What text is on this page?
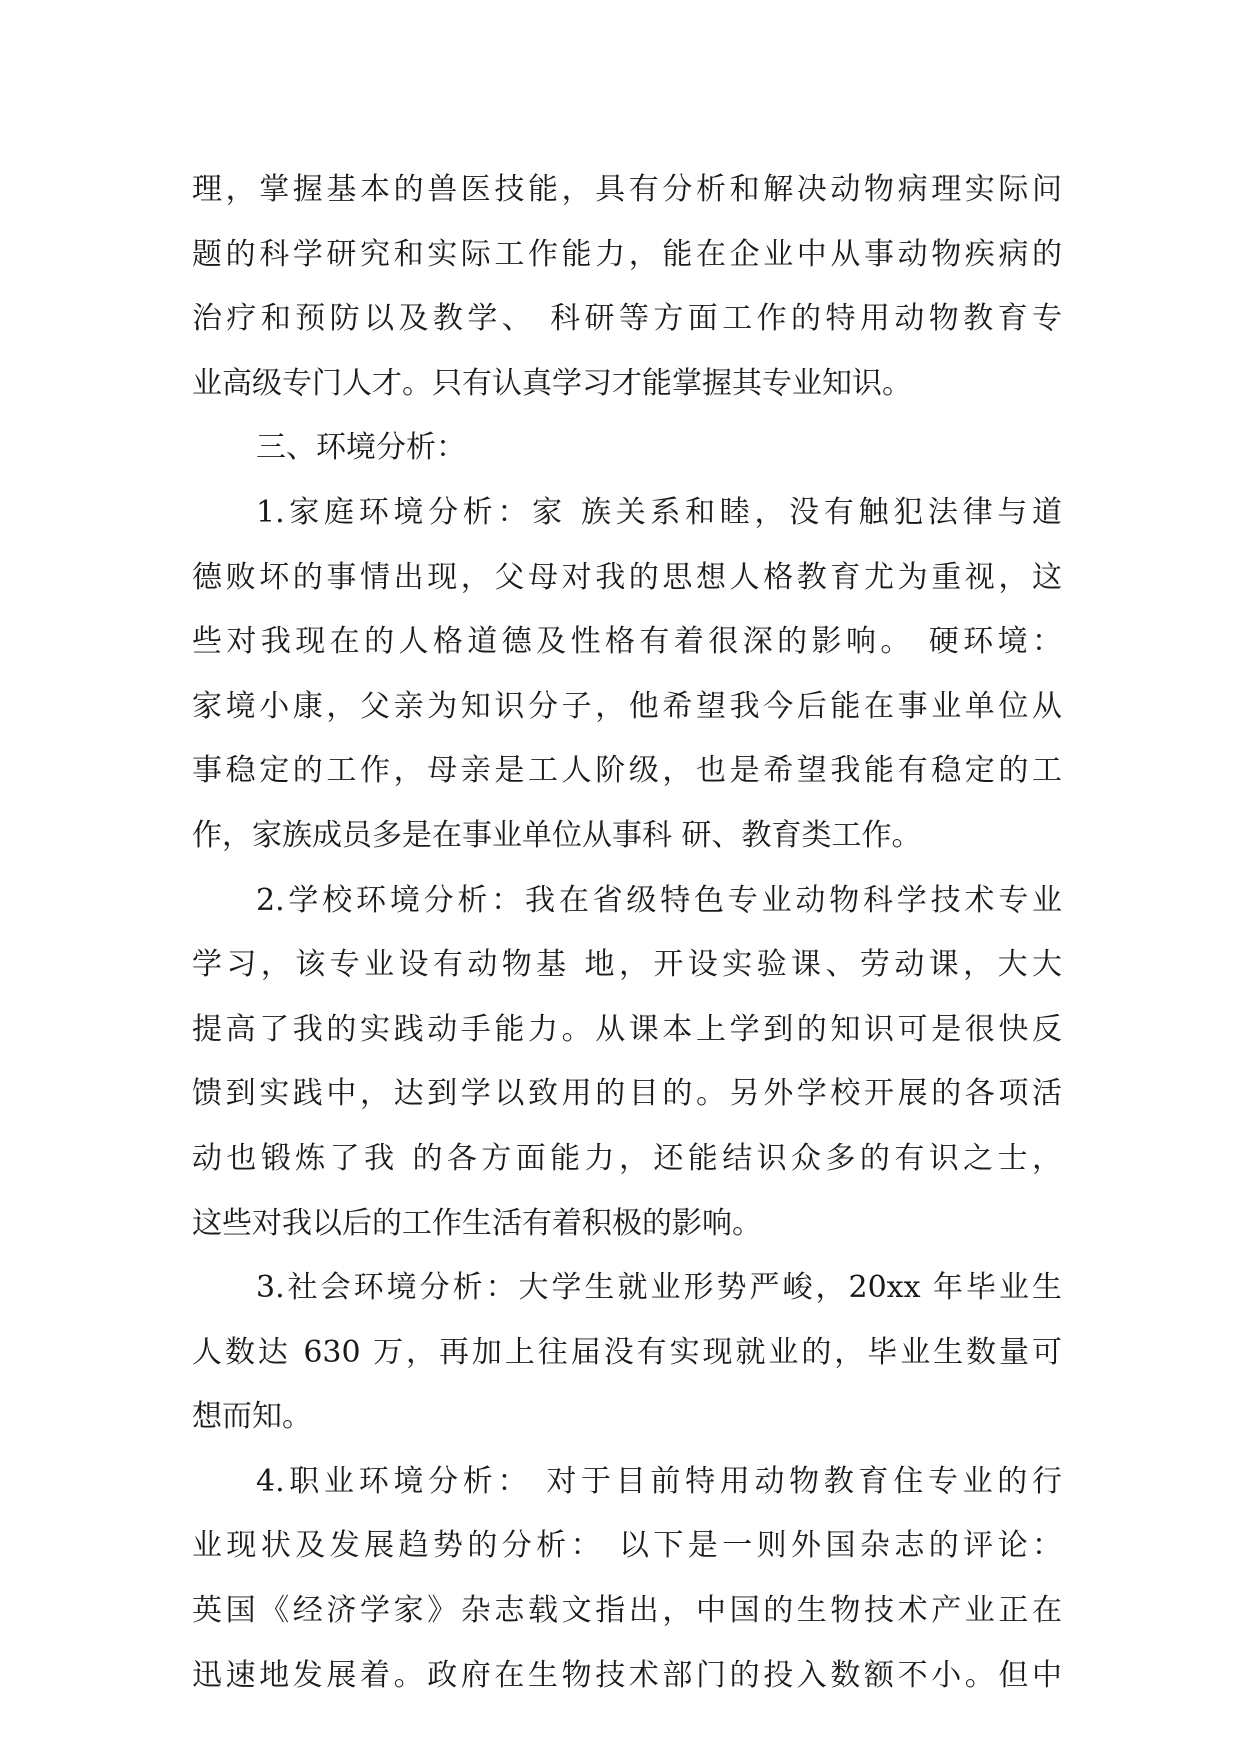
理，掌握基本的兽医技能，具有分析和解决动物病理实际问
题的科学研究和实际工作能力，能在企业中从事动物疾病的
治疗和预防以及教学、 科研等方面工作的特用动物教育专
业高级专门人才。只有认真学习才能掌握其专业知识。
三、环境分析：
1.家庭环境分析：家 族关系和睦，没有触犯法律与道
德败坏的事情出现，父母对我的思想人格教育尤为重视，这
些对我现在的人格道德及性格有着很深的影响。 硬环境：
家境小康，父亲为知识分子，他希望我今后能在事业单位从
事稳定的工作，母亲是工人阶级，也是希望我能有稳定的工
作，家族成员多是在事业单位从事科 研、教育类工作。
2.学校环境分析：我在省级特色专业动物科学技术专业
学习，该专业设有动物基 地，开设实验课、劳动课，大大
提高了我的实践动手能力。从课本上学到的知识可是很快反
馈到实践中，达到学以致用的目的。另外学校开展的各项活
动也锻炼了我 的各方面能力，还能结识众多的有识之士，
这些对我以后的工作生活有着积极的影响。
3.社会环境分析：大学生就业形势严峻，20xx 年毕业生
人数达 630 万，再加上往届没有实现就业的，毕业生数量可
想而知。
4.职业环境分析： 对于目前特用动物教育住专业的行
业现状及发展趋势的分析： 以下是一则外国杂志的评论：
英国《经济学家》杂志载文指出，中国的生物技术产业正在
迅速地发展着。政府在生物技术部门的投入数额不小。但中
